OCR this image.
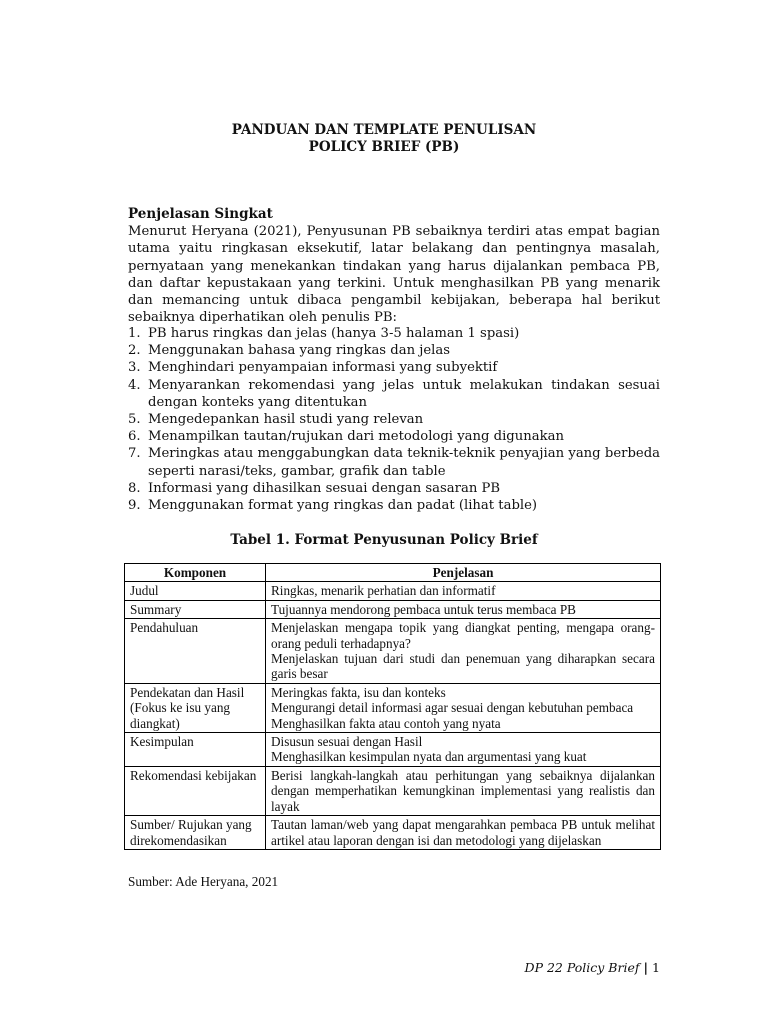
PANDUAN DAN TEMPLATE PENULISAN
POLICY BRIEF (PB)
Penjelasan Singkat

Menurut Heryana (2021), Penyusunan PB sebaiknya terdiri atas empat bagian utama yaitu ringkasan eksekutif, latar belakang dan pentingnya masalah, pernyataan yang menekankan tindakan yang harus dijalankan pembaca PB, dan daftar kepustakaan yang terkini. Untuk menghasilkan PB yang menarik dan memancing untuk dibaca pengambil kebijakan, beberapa hal berikut sebaiknya diperhatikan oleh penulis PB:

1. PB harus ringkas dan jelas (hanya 3-5 halaman 1 spasi)
2. Menggunakan bahasa yang ringkas dan jelas
3. Menghindari penyampaian informasi yang subyektif
4. Menyarankan rekomendasi yang jelas untuk melakukan tindakan sesuai dengan konteks yang ditentukan
5. Mengedepankan hasil studi yang relevan
6. Menampilkan tautan/rujukan dari metodologi yang digunakan
7. Meringkas atau menggabungkan data teknik-teknik penyajian yang berbeda seperti narasi/teks, gambar, grafik dan table
8. Informasi yang dihasilkan sesuai dengan sasaran PB
9. Menggunakan format yang ringkas dan padat (lihat table)
Tabel 1. Format Penyusunan Policy Brief
Komponen	Penjelasan
Judul	Ringkas, menarik perhatian dan informatif

Summary	Tujuannya mendorong pembaca untuk terus membaca PB

Pendahuluan	Menjelaskan mengapa topik yang diangkat penting, mengapa orang-orang peduli terhadapnya?
Menjelaskan tujuan dari studi dan penemuan yang diharapkan secara garis besar

Pendekatan dan Hasil (Fokus ke isu yang diangkat)	Meringkas fakta, isu dan konteks
Mengurangi detail informasi agar sesuai dengan kebutuhan pembaca
Menghasilkan fakta atau contoh yang nyata

Kesimpulan	Disusun sesuai dengan Hasil
Menghasilkan kesimpulan nyata dan argumentasi yang kuat

Rekomendasi kebijakan	Berisi langkah-langkah atau perhitungan yang sebaiknya dijalankan dengan memperhatikan kemungkinan implementasi yang realistis dan layak

Sumber/ Rujukan yang direkomendasikan	Tautan laman/web yang dapat mengarahkan pembaca PB untuk melihat artikel atau laporan dengan isi dan metodologi yang dijelaskan
Sumber: Ade Heryana, 2021
DP 22 Policy Brief | 1
